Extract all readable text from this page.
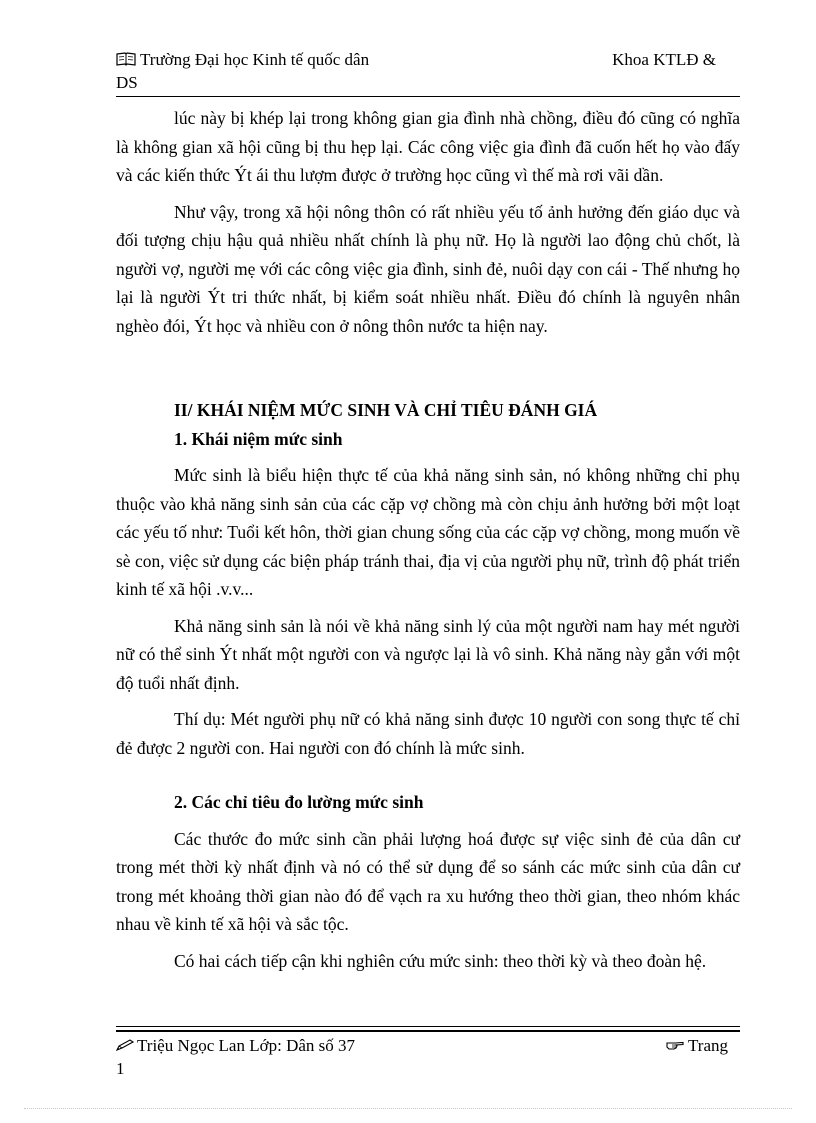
Trường Đại học Kinh tế quốc dân	Khoa KTLĐ &
DS

lúc này bị khép lại trong không gian gia đình nhà chồng, điều đó cũng có nghĩa là không gian xã hội cũng bị thu hẹp lại. Các công việc gia đình đã cuốn hết họ vào đấy và các kiến thức Ýt ái thu lượm được ở trường học cũng vì thế mà rơi vãi dần.

Như vậy, trong xã hội nông thôn có rất nhiều yếu tố ảnh hưởng đến giáo dục và đối tượng chịu hậu quả nhiều nhất chính là phụ nữ. Họ là người lao động chủ chốt, là người vợ, người mẹ với các công việc gia đình, sinh đẻ, nuôi dạy con cái - Thế nhưng họ lại là người Ýt tri thức nhất, bị kiểm soát nhiều nhất. Điều đó chính là nguyên nhân nghèo đói, Ýt học và nhiều con ở nông thôn nước ta hiện nay.

II/ KHÁI NIỆM MỨC SINH VÀ CHỈ TIÊU ĐÁNH GIÁ
1. Khái niệm mức sinh

Mức sinh là biểu hiện thực tế của khả năng sinh sản, nó không những chỉ phụ thuộc vào khả năng sinh sản của các cặp vợ chồng mà còn chịu ảnh hưởng bởi một loạt các yếu tố như: Tuổi kết hôn, thời gian chung sống của các cặp vợ chồng, mong muốn về sè con, việc sử dụng các biện pháp tránh thai, địa vị của người phụ nữ, trình độ phát triển kinh tế xã hội .v.v...

Khả năng sinh sản là nói về khả năng sinh lý của một người nam hay mét người nữ có thể sinh Ýt nhất một người con và ngược lại là vô sinh. Khả năng này gắn với một độ tuổi nhất định.

Thí dụ: Mét người phụ nữ có khả năng sinh được 10 người con song thực tế chỉ đẻ được 2 người con. Hai người con đó chính là mức sinh.

2. Các chỉ tiêu đo lường mức sinh

Các thước đo mức sinh cần phải lượng hoá được sự việc sinh đẻ của dân cư trong mét thời kỳ nhất định và nó có thể sử dụng để so sánh các mức sinh của dân cư trong mét khoảng thời gian nào đó để vạch ra xu hướng theo thời gian, theo nhóm khác nhau về kinh tế xã hội và sắc tộc.

Có hai cách tiếp cận khi nghiên cứu mức sinh: theo thời kỳ và theo đoàn hệ.

Triệu Ngọc Lan Lớp: Dân số 37	Trang
1
